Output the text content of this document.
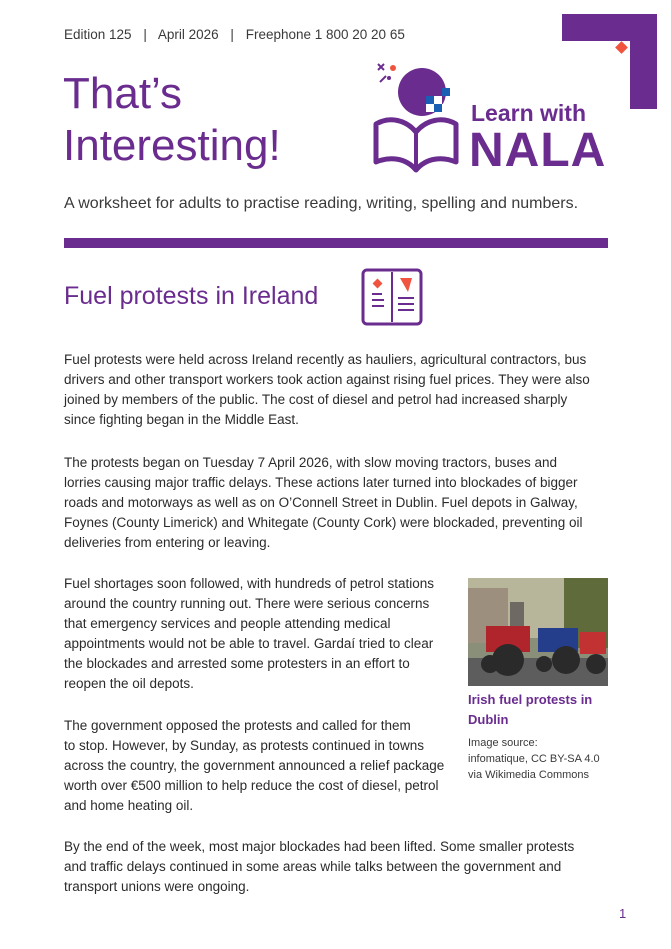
Edition 125 | April 2026 | Freephone 1 800 20 20 65
That’s
Interesting!
Learn with
NALA
A worksheet for adults to practise reading, writing, spelling and numbers.
Fuel protests in Ireland

Fuel protests were held across Ireland recently as hauliers, agricultural contractors, bus
drivers and other transport workers took action against rising fuel prices. They were also
joined by members of the public. The cost of diesel and petrol had increased sharply
since fighting began in the Middle East.

The protests began on Tuesday 7 April 2026, with slow moving tractors, buses and
lorries causing major traffic delays. These actions later turned into blockades of bigger
roads and motorways as well as on O’Connell Street in Dublin. Fuel depots in Galway,
Foynes (County Limerick) and Whitegate (County Cork) were blockaded, preventing oil
deliveries from entering or leaving.

Fuel shortages soon followed, with hundreds of petrol stations
around the country running out. There were serious concerns
that emergency services and people attending medical
appointments would not be able to travel. Gardaí tried to clear
the blockades and arrested some protesters in an effort to
reopen the oil depots.

The government opposed the protests and called for them
to stop. However, by Sunday, as protests continued in towns
across the country, the government announced a relief package
worth over €500 million to help reduce the cost of diesel, petrol
and home heating oil.

By the end of the week, most major blockades had been lifted. Some smaller protests
and traffic delays continued in some areas while talks between the government and
transport unions were ongoing.

Irish fuel protests in
Dublin
Image source:
infomatique, CC BY-SA 4.0
via Wikimedia Commons
1
